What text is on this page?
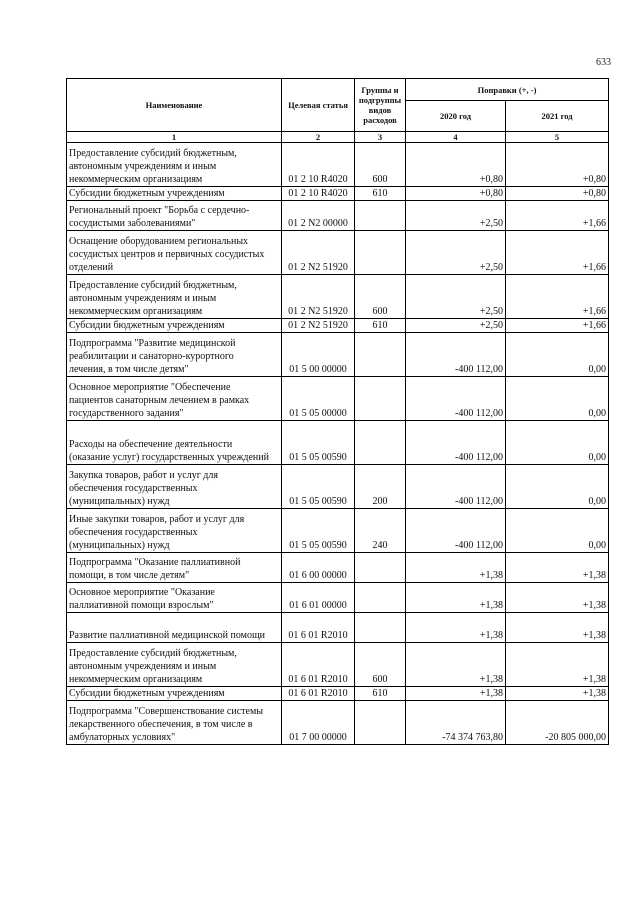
633
Наименование	Целевая статья	Группы и подгруппы видов расходов	Поправки (+, -)	
			2020 год	2021 год
1	2	3	4	5

Предоставление субсидий бюджетным,
автономным учреждениям и иным
некоммерческим организациям	01 2 10 R4020	600	+0,80	+0,80

Субсидии бюджетным учреждениям	01 2 10 R4020	610	+0,80	+0,80

Региональный проект "Борьба с сердечно-
сосудистыми заболеваниями"	01 2 N2 00000		+2,50	+1,66

Оснащение оборудованием региональных
сосудистых центров и первичных сосудистых
отделений	01 2 N2 51920		+2,50	+1,66

Предоставление субсидий бюджетным,
автономным учреждениям и иным
некоммерческим организациям	01 2 N2 51920	600	+2,50	+1,66

Субсидии бюджетным учреждениям	01 2 N2 51920	610	+2,50	+1,66

Подпрограмма "Развитие медицинской
реабилитации и санаторно-курортного
лечения, в том числе детям"	01 5 00 00000		-400 112,00	0,00

Основное мероприятие "Обеспечение
пациентов санаторным лечением в рамках
государственного задания"	01 5 05 00000		-400 112,00	0,00

Расходы на обеспечение деятельности
(оказание услуг) государственных учреждений	01 5 05 00590		-400 112,00	0,00

Закупка товаров, работ и услуг для
обеспечения государственных
(муниципальных) нужд	01 5 05 00590	200	-400 112,00	0,00

Иные закупки товаров, работ и услуг для
обеспечения государственных
(муниципальных) нужд	01 5 05 00590	240	-400 112,00	0,00

Подпрограмма "Оказание паллиативной
помощи, в том числе детям"	01 6 00 00000		+1,38	+1,38

Основное мероприятие "Оказание
паллиативной помощи взрослым"	01 6 01 00000		+1,38	+1,38

Развитие паллиативной медицинской помощи	01 6 01 R2010		+1,38	+1,38

Предоставление субсидий бюджетным,
автономным учреждениям и иным
некоммерческим организациям	01 6 01 R2010	600	+1,38	+1,38

Субсидии бюджетным учреждениям	01 6 01 R2010	610	+1,38	+1,38

Подпрограмма "Совершенствование системы
лекарственного обеспечения, в том числе в
амбулаторных условиях"	01 7 00 00000		-74 374 763,80	-20 805 000,00
